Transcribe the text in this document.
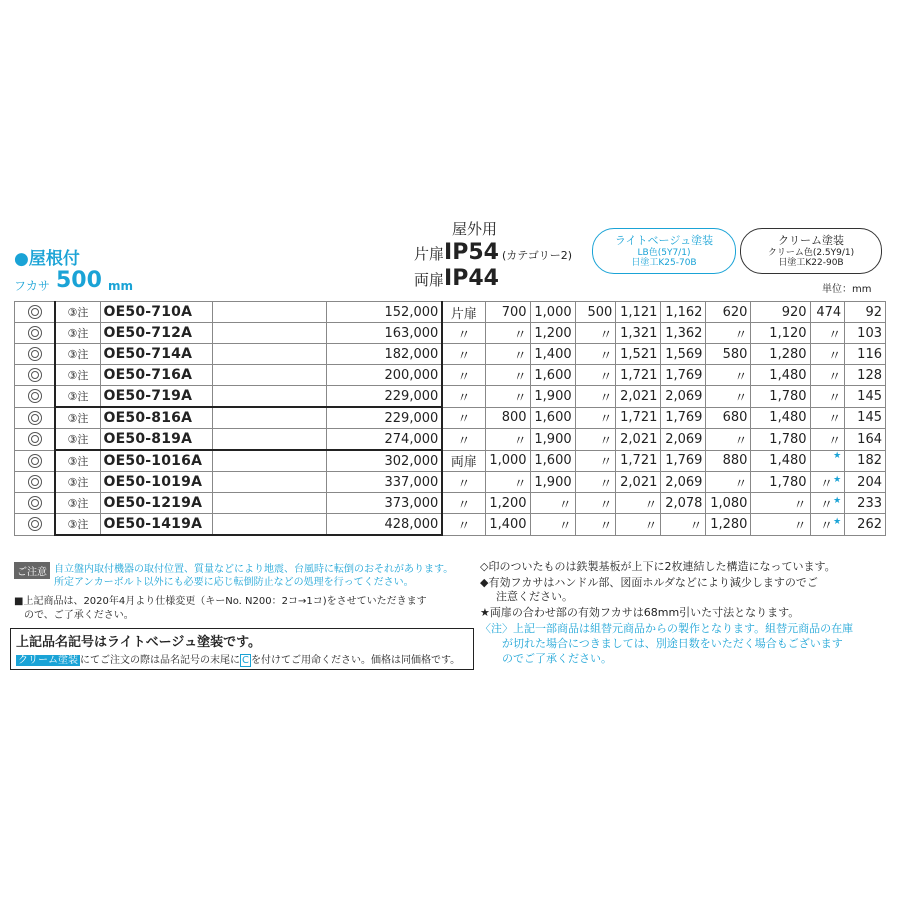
●屋根付
フカサ 500 mm
屋外用
片扉IP54 (カテゴリー2)
両扉IP44
ライトベージュ塗装
LB色(5Y7/1)
日塗工K25-70B
クリーム塗装
クリーム色(2.5Y9/1)
日塗工K22-90B
単位：mm
	③注	OE50-710A		152,000	片扉	700	1,000	500	1,121	1,162	620	920	474	92
	③注	OE50-712A		163,000	〃	〃	1,200	〃	1,321	1,362	〃	1,120	〃	103
	③注	OE50-714A		182,000	〃	〃	1,400	〃	1,521	1,569	580	1,280	〃	116
	③注	OE50-716A		200,000	〃	〃	1,600	〃	1,721	1,769	〃	1,480	〃	128
	③注	OE50-719A		229,000	〃	〃	1,900	〃	2,021	2,069	〃	1,780	〃	145
	③注	OE50-816A		229,000	〃	800	1,600	〃	1,721	1,769	680	1,480	〃	145
	③注	OE50-819A		274,000	〃	〃	1,900	〃	2,021	2,069	〃	1,780	〃	164
	③注	OE50-1016A		302,000	両扉	1,000	1,600	〃	1,721	1,769	880	1,480	★	182
	③注	OE50-1019A		337,000	〃	〃	1,900	〃	2,021	2,069	〃	1,780	〃★	204
	③注	OE50-1219A		373,000	〃	1,200	〃	〃	〃	2,078	1,080	〃	〃★	233
	③注	OE50-1419A		428,000	〃	1,400	〃	〃	〃	〃	1,280	〃	〃★	262
ご注意 自立盤内取付機器の取付位置、質量などにより地震、台風時に転倒のおそれがあります。
所定アンカーボルト以外にも必要に応じ転倒防止などの処理を行ってください。
■上記商品は、2020年4月より仕様変更（キーNo. N200：2コ→1コ)をさせていただきます
ので、ご了承ください。
上記品名記号はライトベージュ塗装です。
クリーム塗装 にてご注文の際は品名記号の末尾に C を付けてご用命ください。価格は同価格です。
◇印のついたものは鉄製基板が上下に2枚連結した構造になっています。
◆有効フカサはハンドル部、図面ホルダなどにより減少しますのでご
注意ください。
★両扉の合わせ部の有効フカサは68mm引いた寸法となります。
〈注〉上記一部商品は組替元商品からの製作となります。組替元商品の在庫
が切れた場合につきましては、別途日数をいただく場合もございます
のでご了承ください。
